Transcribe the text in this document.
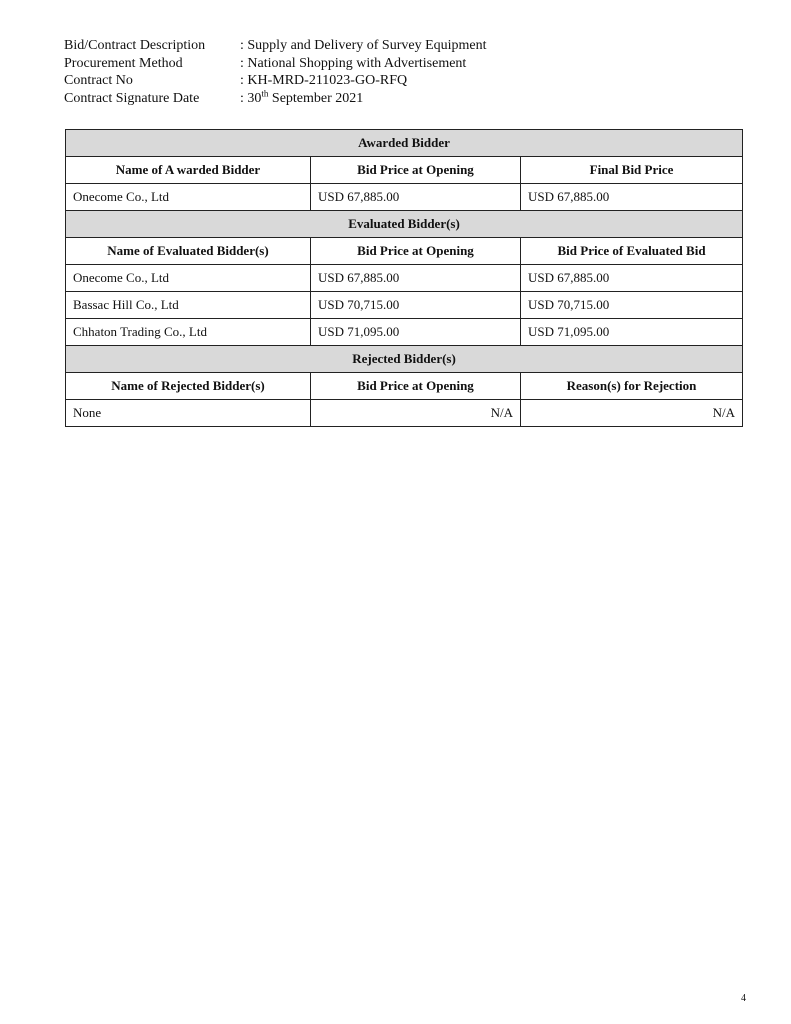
Bid/Contract Description	: Supply and Delivery of Survey Equipment
Procurement Method	: National Shopping with Advertisement
Contract No	: KH-MRD-211023-GO-RFQ
Contract Signature Date	: 30th September 2021
Awarded Bidder		
Name of A warded Bidder	Bid Price at Opening	Final Bid Price
Onecome Co., Ltd	USD 67,885.00	USD 67,885.00
Evaluated Bidder(s)		
Name of Evaluated Bidder(s)	Bid Price at Opening	Bid Price of Evaluated Bid
Onecome Co., Ltd	USD 67,885.00	USD 67,885.00
Bassac Hill Co., Ltd	USD 70,715.00	USD 70,715.00
Chhaton Trading Co., Ltd	USD 71,095.00	USD 71,095.00
Rejected Bidder(s)		
Name of Rejected Bidder(s)	Bid Price at Opening	Reason(s) for Rejection
None	N/A	N/A
4
